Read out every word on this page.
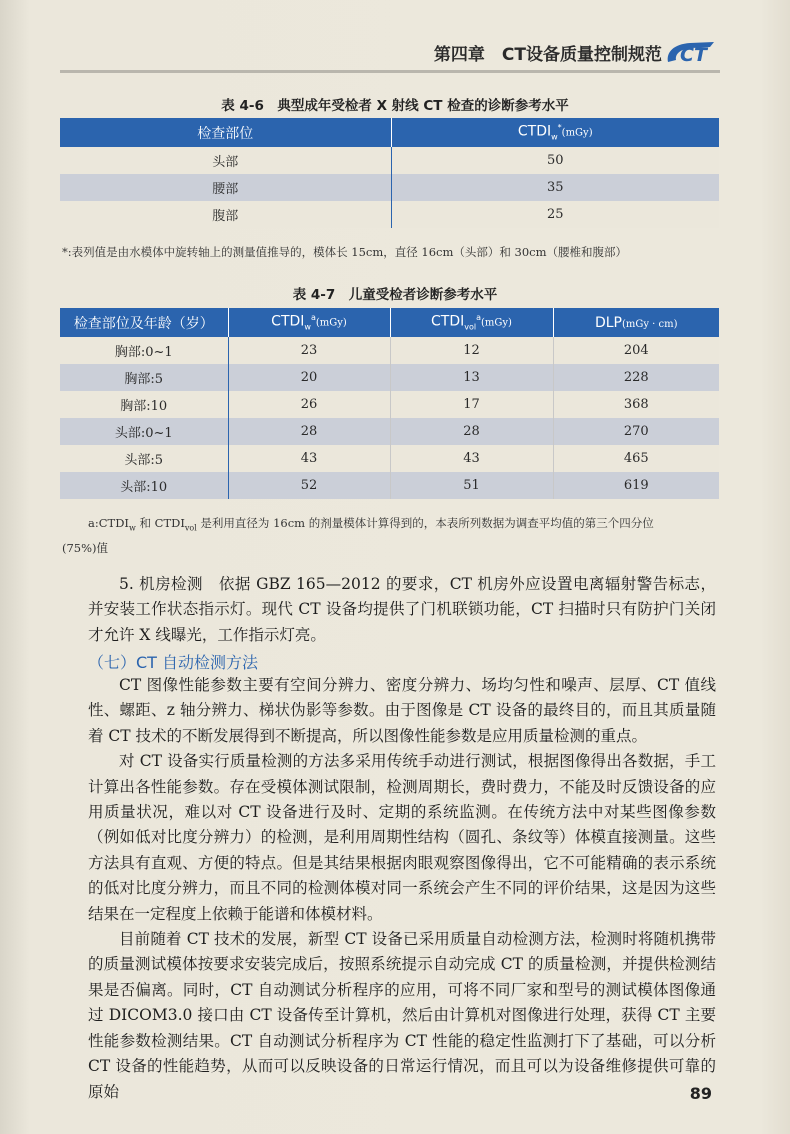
第四章　CT设备质量控制规范 CT
表 4-6　典型成年受检者 X 射线 CT 检查的诊断参考水平
检查部位	$CTDI_w^*(mGy)$
头部	50
腰部	35
腹部	25
*:表列值是由水模体中旋转轴上的测量值推导的，模体长 15cm，直径 16cm（头部）和 30cm（腰椎和腹部）
表 4-7　儿童受检者诊断参考水平
检查部位及年龄（岁）	$CTDI_w^a(mGy)$	$CTDI_{vol}^a(mGy)$	DLP(mGy · cm)
胸部:0~1	23	12	204
胸部:5	20	13	228
胸部:10	26	17	368
头部:0~1	28	28	270
头部:5	43	43	465
头部:10	52	51	619
$a:CTDI_w$ 和 $CTDI_{vol}$ 是利用直径为 16cm 的剂量模体计算得到的，本表所列数据为调查平均值的第三个四分位
(75%)值

5. 机房检测　依据 GBZ 165—2012 的要求，CT 机房外应设置电离辐射警告标志，并安装工作状态指示灯。现代 CT 设备均提供了门机联锁功能，CT 扫描时只有防护门关闭才允许 X 线曝光，工作指示灯亮。

（七）CT 自动检测方法

CT 图像性能参数主要有空间分辨力、密度分辨力、场均匀性和噪声、层厚、CT 值线性、螺距、z 轴分辨力、梯状伪影等参数。由于图像是 CT 设备的最终目的，而且其质量随着 CT 技术的不断发展得到不断提高，所以图像性能参数是应用质量检测的重点。

对 CT 设备实行质量检测的方法多采用传统手动进行测试，根据图像得出各数据，手工计算出各性能参数。存在受模体测试限制，检测周期长，费时费力，不能及时反馈设备的应用质量状况，难以对 CT 设备进行及时、定期的系统监测。在传统方法中对某些图像参数（例如低对比度分辨力）的检测，是利用周期性结构（圆孔、条纹等）体模直接测量。这些方法具有直观、方便的特点。但是其结果根据肉眼观察图像得出，它不可能精确的表示系统的低对比度分辨力，而且不同的检测体模对同一系统会产生不同的评价结果，这是因为这些结果在一定程度上依赖于能谱和体模材料。

目前随着 CT 技术的发展，新型 CT 设备已采用质量自动检测方法，检测时将随机携带的质量测试模体按要求安装完成后，按照系统提示自动完成 CT 的质量检测，并提供检测结果是否偏离。同时，CT 自动测试分析程序的应用，可将不同厂家和型号的测试模体图像通过 DICOM3.0 接口由 CT 设备传至计算机，然后由计算机对图像进行处理，获得 CT 主要性能参数检测结果。CT 自动测试分析程序为 CT 性能的稳定性监测打下了基础，可以分析 CT 设备的性能趋势，从而可以反映设备的日常运行情况，而且可以为设备维修提供可靠的原始	89
